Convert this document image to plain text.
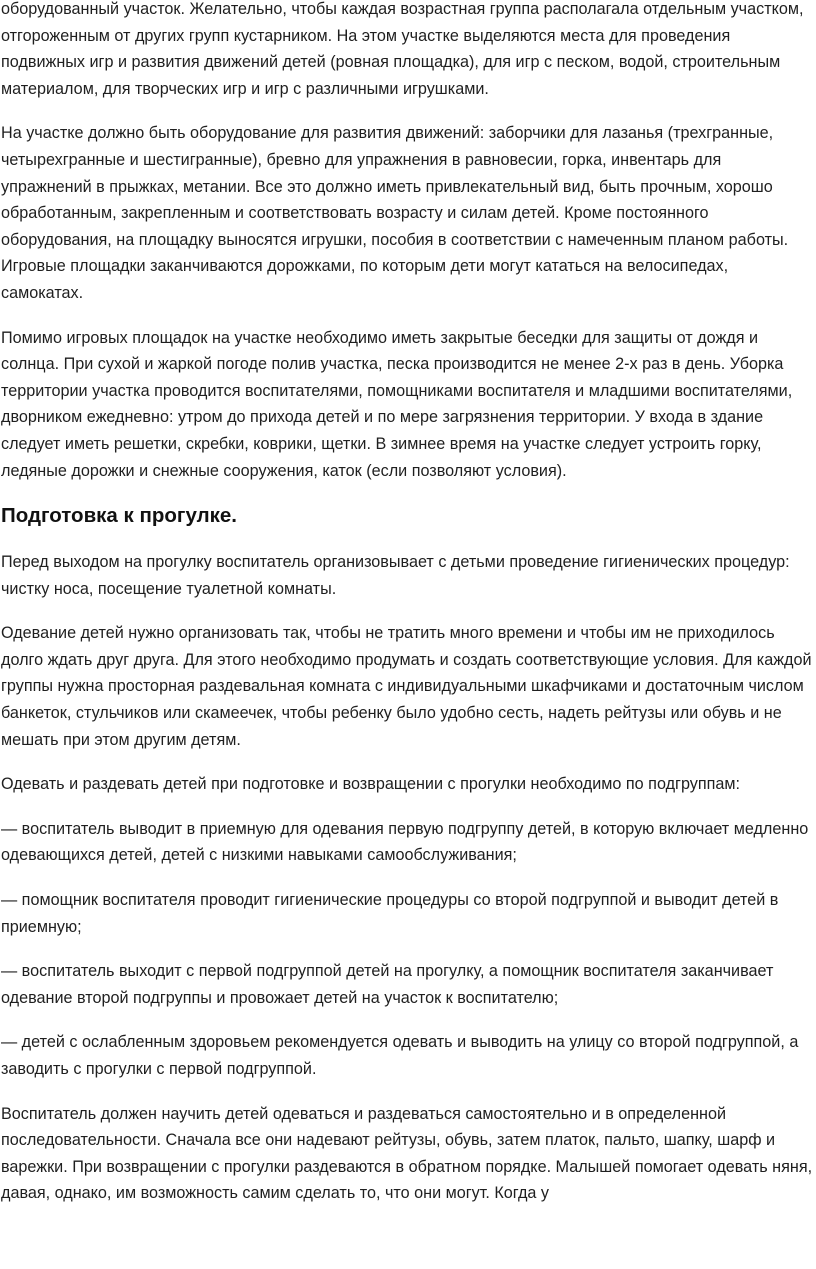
оборудованный участок. Желательно, чтобы каждая возрастная группа располагала отдельным участком, отгороженным от других групп кустарником. На этом участке выделяются места для проведения подвижных игр и развития движений детей (ровная площадка), для игр с песком, водой, строительным материалом, для творческих игр и игр с различными игрушками.

На участке должно быть оборудование для развития движений: заборчики для лазанья (трехгранные, четырехгранные и шестигранные), бревно для упражнения в равновесии, горка, инвентарь для упражнений в прыжках, метании. Все это должно иметь привлекательный вид, быть прочным, хорошо обработанным, закрепленным и соответствовать возрасту и силам детей. Кроме постоянного оборудования, на площадку выносятся игрушки, пособия в соответствии с намеченным планом работы. Игровые площадки заканчиваются дорожками, по которым дети могут кататься на велосипедах, самокатах.

Помимо игровых площадок на участке необходимо иметь закрытые беседки для защиты от дождя и солнца. При сухой и жаркой погоде полив участка, песка производится не менее 2-х раз в день. Уборка территории участка проводится воспитателями, помощниками воспитателя и младшими воспитателями, дворником ежедневно: утром до прихода детей и по мере загрязнения территории. У входа в здание следует иметь решетки, скребки, коврики, щетки. В зимнее время на участке следует устроить горку, ледяные дорожки и снежные сооружения, каток (если позволяют условия).

Подготовка к прогулке.

Перед выходом на прогулку воспитатель организовывает с детьми проведение гигиенических процедур: чистку носа, посещение туалетной комнаты.

Одевание детей нужно организовать так, чтобы не тратить много времени и чтобы им не приходилось долго ждать друг друга. Для этого необходимо продумать и создать соответствующие условия. Для каждой группы нужна просторная раздевальная комната с индивидуальными шкафчиками и достаточным числом банкеток, стульчиков или скамеечек, чтобы ребенку было удобно сесть, надеть рейтузы или обувь и не мешать при этом другим детям.

Одевать и раздевать детей при подготовке и возвращении с прогулки необходимо по подгруппам:

— воспитатель выводит в приемную для одевания первую подгруппу детей, в которую включает медленно одевающихся детей, детей с низкими навыками самообслуживания;

— помощник воспитателя проводит гигиенические процедуры со второй подгруппой и выводит детей в приемную;

— воспитатель выходит с первой подгруппой детей на прогулку, а помощник воспитателя заканчивает одевание второй подгруппы и провожает детей на участок к воспитателю;

— детей с ослабленным здоровьем рекомендуется одевать и выводить на улицу со второй подгруппой, а заводить с прогулки с первой подгруппой.

Воспитатель должен научить детей одеваться и раздеваться самостоятельно и в определенной последовательности. Сначала все они надевают рейтузы, обувь, затем платок, пальто, шапку, шарф и варежки. При возвращении с прогулки раздеваются в обратном порядке. Малышей помогает одевать няня, давая, однако, им возможность самим сделать то, что они могут. Когда у
